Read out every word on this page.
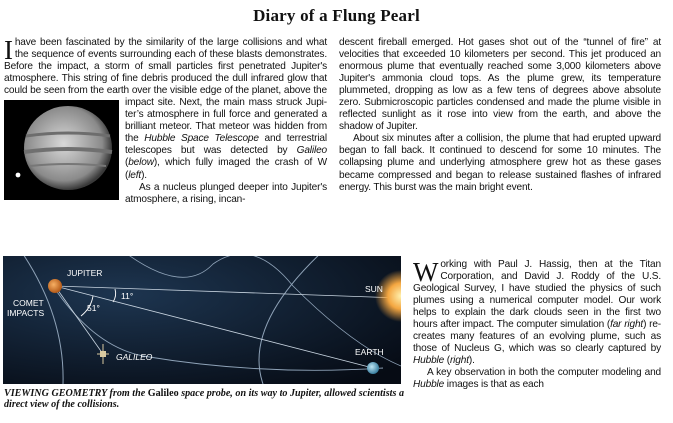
Diary of a Flung Pearl

Ihave been fascinated by the similarity of the large collisions and what the sequence of events surrounding each of these blasts demonstrates. Before the impact, a storm of small particles first penetrated Jupiter's atmosphere. This string of fine debris produced the dull infrared glow that could be seen from the earth over the visible edge of the planet, above the impact site. Next, the main mass struck Jupi-
ter’s atmosphere in full force and generated a brilliant meteor. That meteor was hidden from the Hubble Space Telescope and terrestrial telescopes but was detected by Galileo (below), which fully imaged the crash of W (left).

As a nucleus plunged deeper into Jupiter's atmosphere, a rising, incan-

descent fireball emerged. Hot gases shot out of the “tunnel of fire” at velocities that exceeded 10 kilometers per second. This jet produced an enormous plume that eventually reached some 3,000 kilometers above Jupiter's ammonia cloud tops. As the plume grew, its temperature plummeted, dropping as low as a few tens of degrees above absolute zero. Submicroscopic particles condensed and made the plume visible in reflected sunlight as it rose into view from the earth, and above the shadow of Jupiter.

About six minutes after a collision, the plume that had erupted upward began to fall back. It continued to descend for some 10 minutes. The collapsing plume and underlying atmosphere grew hot as these gases became compressed and began to release sustained flashes of infrared energy. This burst was the main bright event.

JUPITER
COMET
IMPACTS
11°
51°
GALILEO
SUN
EARTH
VIEWING GEOMETRY from the Galileo space probe, on its way to Jupiter, allowed scientists a direct view of the collisions.

W orking with Paul J. Hassig, then at the Titan Corporation, and David J. Roddy of the U.S. Geological Survey, I have studied the physics of such plumes using a numerical computer model. Our work helps to explain the dark clouds seen in the first two hours after impact. The computer simulation (far right) re-creates many features of an evolving plume, such as those of Nucleus G, which was so clearly captured by Hubble (right).

A key observation in both the computer modeling and Hubble images is that as each
